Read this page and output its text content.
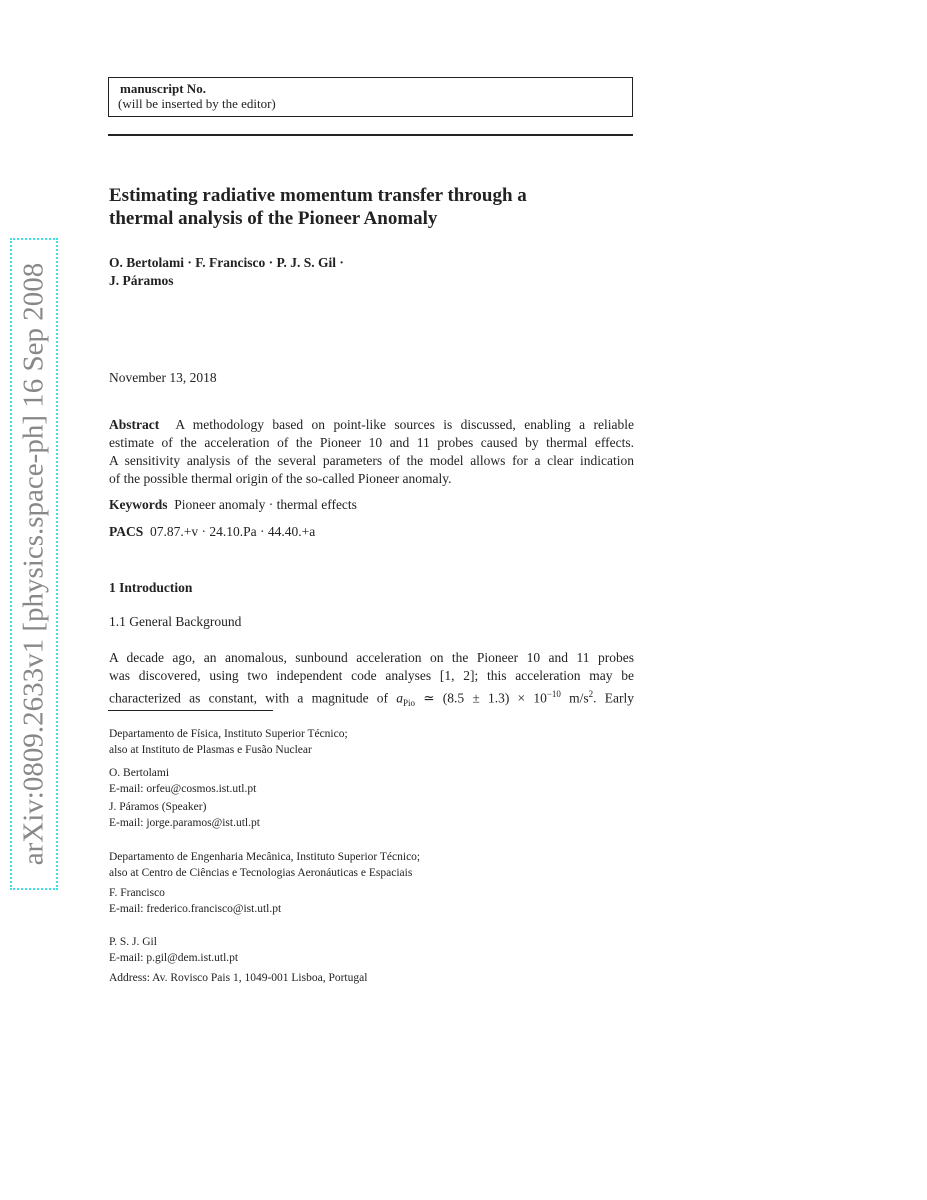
arXiv:0809.2633v1 [physics.space-ph] 16 Sep 2008
manuscript No.
(will be inserted by the editor)
Estimating radiative momentum transfer through a
thermal analysis of the Pioneer Anomaly
O. Bertolami · F. Francisco · P. J. S. Gil ·
J. Páramos
November 13, 2018
Abstract A methodology based on point-like sources is discussed, enabling a reliable
estimate of the acceleration of the Pioneer 10 and 11 probes caused by thermal effects.
A sensitivity analysis of the several parameters of the model allows for a clear indication
of the possible thermal origin of the so-called Pioneer anomaly.
Keywords Pioneer anomaly · thermal effects
PACS 07.87.+v · 24.10.Pa · 44.40.+a
1 Introduction
1.1 General Background
A decade ago, an anomalous, sunbound acceleration on the Pioneer 10 and 11 probes
was discovered, using two independent code analyses [1, 2]; this acceleration may be
characterized as constant, with a magnitude of $a_{Pio}$ ≃ $(8.5 \pm 1.3) \times 10^{-10}$ $m/s^2$. Early
Departamento de Física, Instituto Superior Técnico;
also at Instituto de Plasmas e Fusão Nuclear
O. Bertolami
E-mail: orfeu@cosmos.ist.utl.pt
J. Páramos (Speaker)
E-mail: jorge.paramos@ist.utl.pt
Departamento de Engenharia Mecânica, Instituto Superior Técnico;
also at Centro de Ciências e Tecnologias Aeronáuticas e Espaciais
F. Francisco
E-mail: frederico.francisco@ist.utl.pt
P. S. J. Gil
E-mail: p.gil@dem.ist.utl.pt
Address: Av. Rovisco Pais 1, 1049-001 Lisboa, Portugal
